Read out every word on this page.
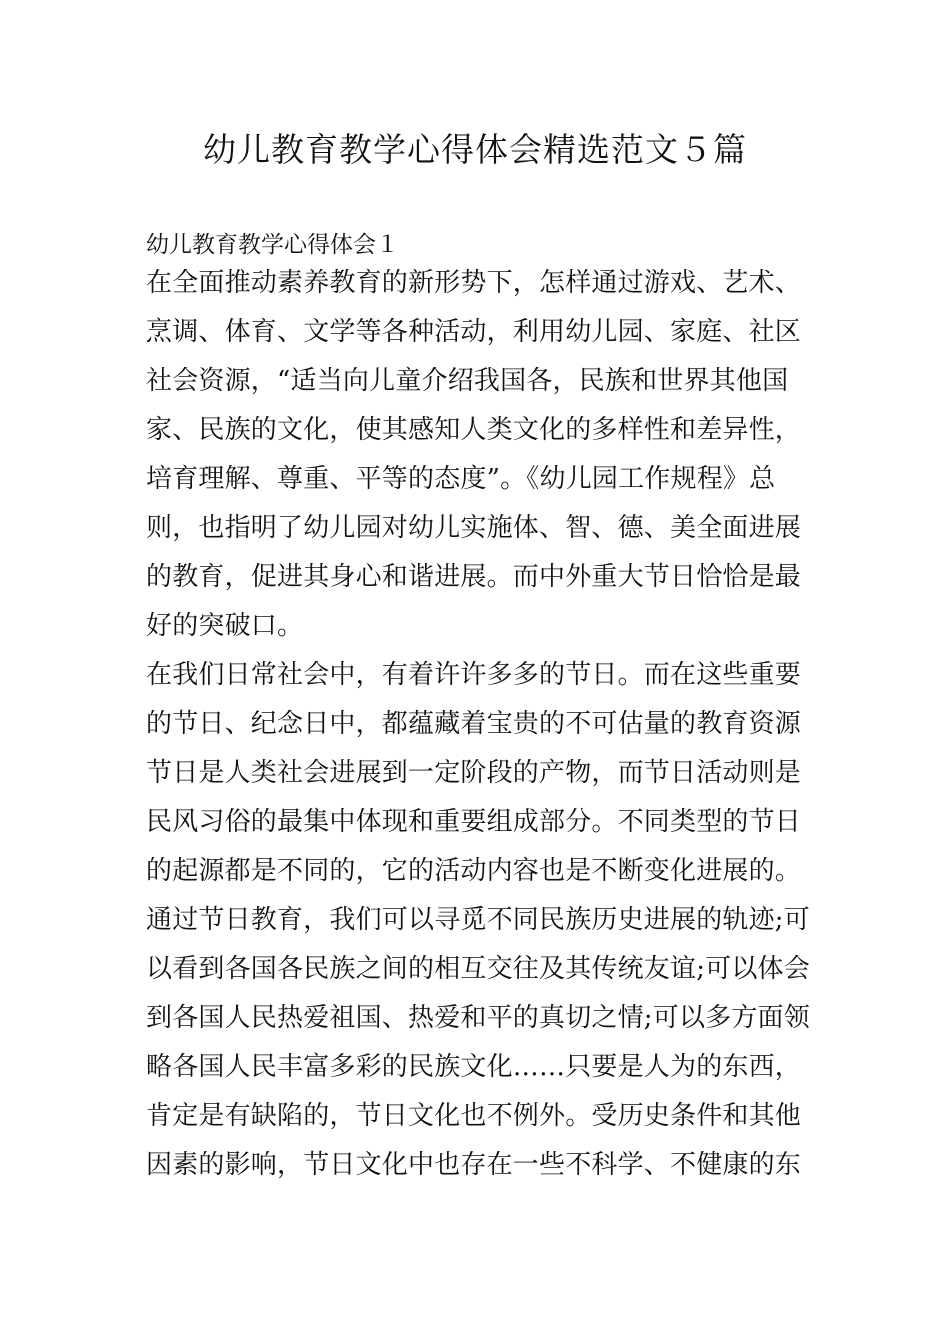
幼儿教育教学心得体会精选范文５篇
幼儿教育教学心得体会１
在全面推动素养教育的新形势下，怎样通过游戏、艺术、
烹调、体育、文学等各种活动，利用幼儿园、家庭、社区
社会资源，“适当向儿童介绍我国各，民族和世界其他国
家、民族的文化，使其感知人类文化的多样性和差异性，
培育理解、尊重、平等的态度”。《幼儿园工作规程》总
则，也指明了幼儿园对幼儿实施体、智、德、美全面进展
的教育，促进其身心和谐进展。而中外重大节日恰恰是最
好的突破口。
在我们日常社会中，有着许许多多的节日。而在这些重要
的节日、纪念日中，都蕴藏着宝贵的不可估量的教育资源
节日是人类社会进展到一定阶段的产物，而节日活动则是
民风习俗的最集中体现和重要组成部分。不同类型的节日
的起源都是不同的，它的活动内容也是不断变化进展的。
通过节日教育，我们可以寻觅不同民族历史进展的轨迹;可
以看到各国各民族之间的相互交往及其传统友谊;可以体会
到各国人民热爱祖国、热爱和平的真切之情;可以多方面领
略各国人民丰富多彩的民族文化……只要是人为的东西，
肯定是有缺陷的，节日文化也不例外。受历史条件和其他
因素的影响，节日文化中也存在一些不科学、不健康的东
